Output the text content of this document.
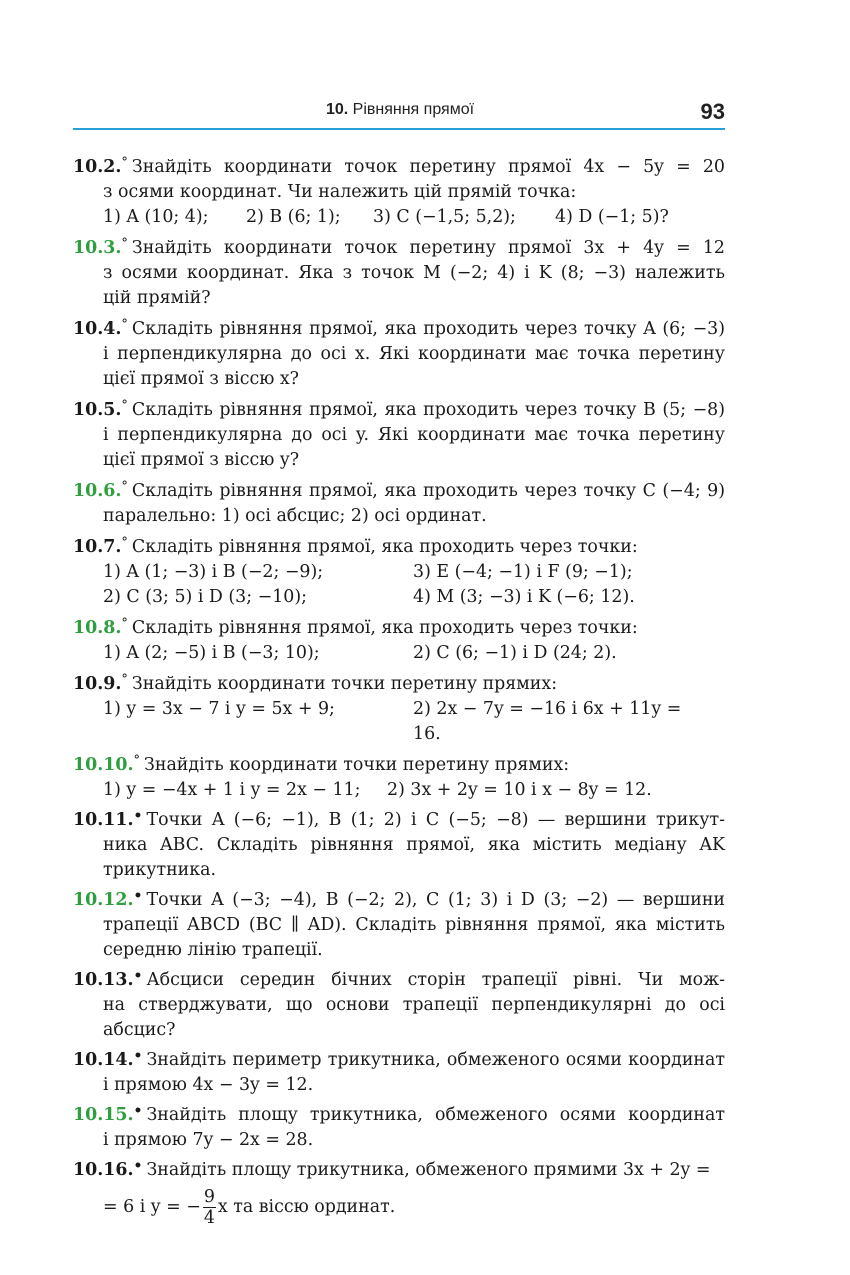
10. Рівняння прямої	93
10.2.° Знайдіть координати точок перетину прямої 4x − 5y = 20
з осями координат. Чи належить цій прямій точка:
1) A (10; 4);	2) B (6; 1);	3) C (−1,5; 5,2);	4) D (−1; 5)?
10.3.° Знайдіть координати точок перетину прямої 3x + 4y = 12
з осями координат. Яка з точок M (−2; 4) і K (8; −3) належить
цій прямій?
10.4.° Складіть рівняння прямої, яка проходить через точку A (6; −3)
і перпендикулярна до осі x. Які координати має точка перетину
цієї прямої з віссю x?
10.5.° Складіть рівняння прямої, яка проходить через точку B (5; −8)
і перпендикулярна до осі y. Які координати має точка перетину
цієї прямої з віссю y?
10.6.° Складіть рівняння прямої, яка проходить через точку C (−4; 9)
паралельно: 1) осі абсцис; 2) осі ординат.
10.7.° Складіть рівняння прямої, яка проходить через точки:
1) A (1; −3) і B (−2; −9);	3) E (−4; −1) і F (9; −1);
2) C (3; 5) і D (3; −10);	4) M (3; −3) і K (−6; 12).
10.8.° Складіть рівняння прямої, яка проходить через точки:
1) A (2; −5) і B (−3; 10);	2) C (6; −1) і D (24; 2).
10.9.° Знайдіть координати точки перетину прямих:
1) y = 3x − 7 і y = 5x + 9;	2) 2x − 7y = −16 і 6x + 11y = 16.
10.10.° Знайдіть координати точки перетину прямих:
1) y = −4x + 1 і y = 2x − 11;	2) 3x + 2y = 10 і x − 8y = 12.
10.11.• Точки A (−6; −1), B (1; 2) і C (−5; −8) — вершини трикут-
ника ABC. Складіть рівняння прямої, яка містить медіану AK
трикутника.
10.12.• Точки A (−3; −4), B (−2; 2), C (1; 3) і D (3; −2) — вершини
трапеції ABCD (BC ∥ AD). Складіть рівняння прямої, яка містить
середню лінію трапеції.
10.13.• Абсциси середин бічних сторін трапеції рівні. Чи мож-
на стверджувати, що основи трапеції перпендикулярні до осі
абсцис?
10.14.• Знайдіть периметр трикутника, обмеженого осями координат
і прямою 4x − 3y = 12.
10.15.• Знайдіть площу трикутника, обмеженого осями координат
і прямою 7y − 2x = 28.
10.16.• Знайдіть площу трикутника, обмеженого прямими 3x + 2y =
= 6 і y = − $\frac{9}{4}$ x та віссю ординат.
